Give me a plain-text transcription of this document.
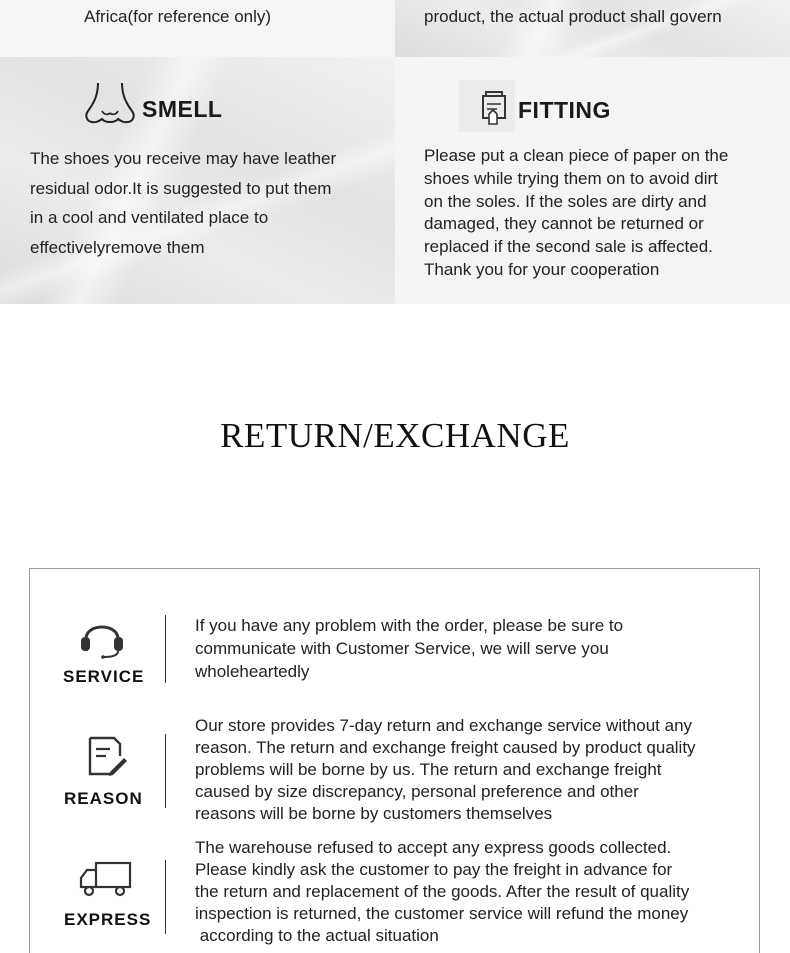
Africa(for reference only)	product, the actual product shall govern
SMELL
The shoes you receive may have leather
residual odor.It is suggested to put them
in a cool and ventilated place to
effectivelyremove them
FITTING
Please put a clean piece of paper on the
shoes while trying them on to avoid dirt
on the soles. If the soles are dirty and
damaged, they cannot be returned or
replaced if the second sale is affected.
Thank you for your cooperation
RETURN/EXCHANGE
SERVICE
If you have any problem with the order, please be sure to
communicate with Customer Service, we will serve you
wholeheartedly
REASON
Our store provides 7-day return and exchange service without any
reason. The return and exchange freight caused by product quality
problems will be borne by us. The return and exchange freight
caused by size discrepancy, personal preference and other
reasons will be borne by customers themselves
EXPRESS
The warehouse refused to accept any express goods collected.
Please kindly ask the customer to pay the freight in advance for
the return and replacement of the goods. After the result of quality
inspection is returned, the customer service will refund the money
according to the actual situation
